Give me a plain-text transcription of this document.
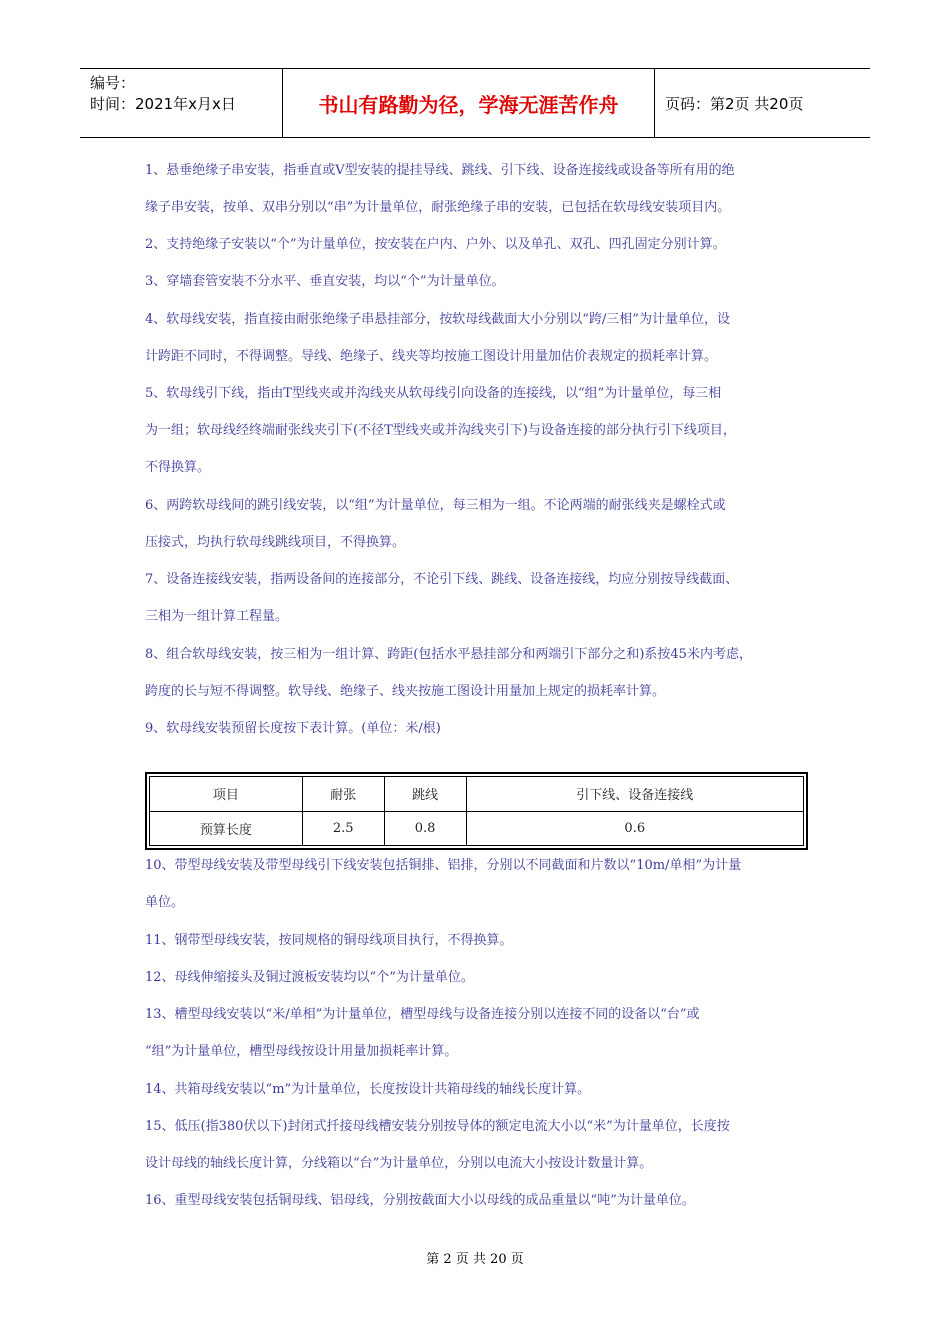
编号：
时间：2021年x月x日	书山有路勤为径，学海无涯苦作舟	页码：第2页 共20页
1、悬垂绝缘子串安装，指垂直或V型安装的提挂导线、跳线、引下线、设备连接线或设备等所有用的绝
缘子串安装，按单、双串分别以“串”为计量单位，耐张绝缘子串的安装，已包括在软母线安装项目内。
2、支持绝缘子安装以“个”为计量单位，按安装在户内、户外、以及单孔、双孔、四孔固定分别计算。
3、穿墙套管安装不分水平、垂直安装，均以“个”为计量单位。
4、软母线安装，指直接由耐张绝缘子串悬挂部分，按软母线截面大小分别以“跨/三相”为计量单位，设
计跨距不同时，不得调整。导线、绝缘子、线夹等均按施工图设计用量加估价表规定的损耗率计算。
5、软母线引下线，指由T型线夹或并沟线夹从软母线引向设备的连接线，以“组”为计量单位，每三相
为一组；软母线经终端耐张线夹引下(不径T型线夹或并沟线夹引下)与设备连接的部分执行引下线项目，
不得换算。
6、两跨软母线间的跳引线安装，以“组”为计量单位，每三相为一组。不论两端的耐张线夹是螺栓式或
压接式，均执行软母线跳线项目，不得换算。
7、设备连接线安装，指两设备间的连接部分，不论引下线、跳线、设备连接线，均应分别按导线截面、
三相为一组计算工程量。
8、组合软母线安装，按三相为一组计算、跨距(包括水平悬挂部分和两端引下部分之和)系按45米内考虑，
跨度的长与短不得调整。软导线、绝缘子、线夹按施工图设计用量加上规定的损耗率计算。
9、软母线安装预留长度按下表计算。(单位：米/根)
项目	耐张	跳线	引下线、设备连接线
预算长度	2.5	0.8	0.6
10、带型母线安装及带型母线引下线安装包括铜排、铝排，分别以不同截面和片数以“10m/单相”为计量
单位。
11、钢带型母线安装，按同规格的铜母线项目执行，不得换算。
12、母线伸缩接头及铜过渡板安装均以“个”为计量单位。
13、槽型母线安装以“米/单相”为计量单位，槽型母线与设备连接分别以连接不同的设备以“台”或
“组”为计量单位，槽型母线按设计用量加损耗率计算。
14、共箱母线安装以“m”为计量单位，长度按设计共箱母线的轴线长度计算。
15、低压(指380伏以下)封闭式扦接母线槽安装分别按导体的额定电流大小以“米”为计量单位，长度按
设计母线的轴线长度计算，分线箱以“台”为计量单位，分别以电流大小按设计数量计算。
16、重型母线安装包括铜母线、铝母线，分别按截面大小以母线的成品重量以“吨”为计量单位。
第 2 页 共 20 页
